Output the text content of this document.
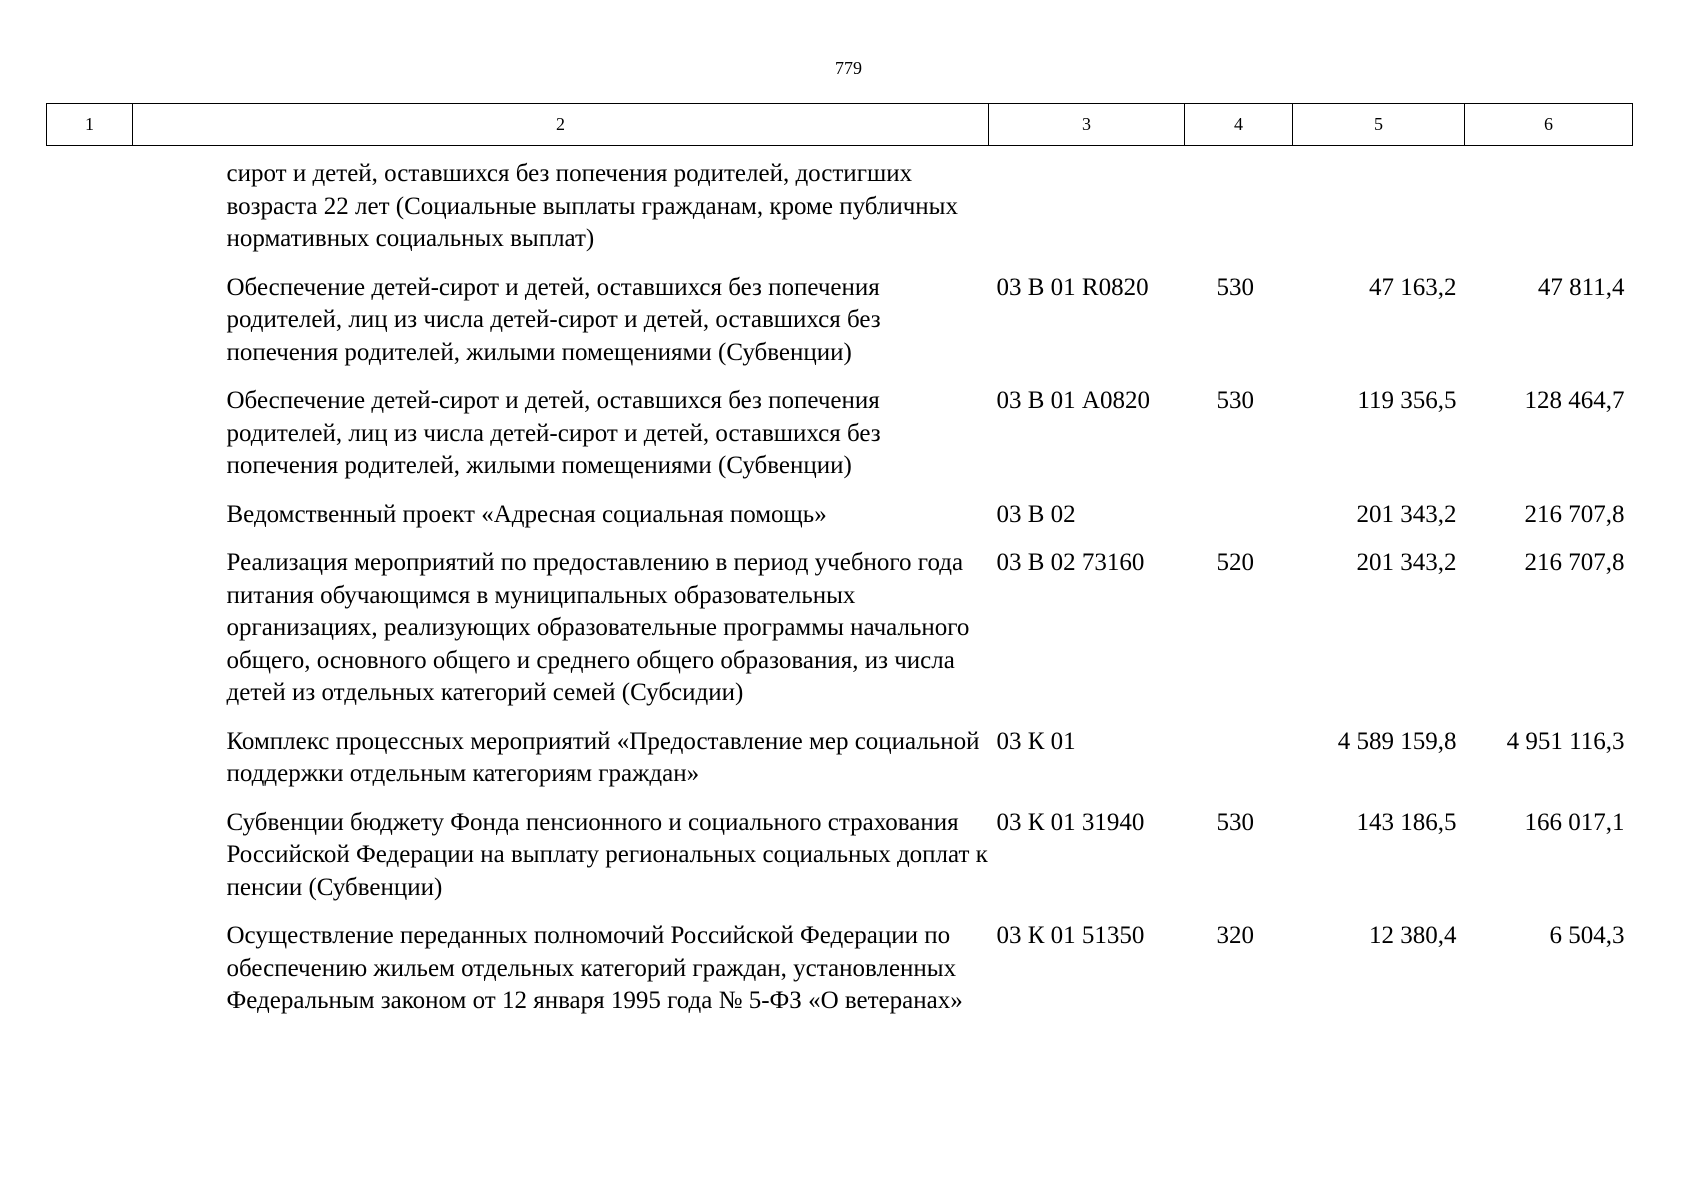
779
1	2	3	4	5	6
	сирот и детей, оставшихся без попечения родителей, достигших возраста 22 лет (Социальные выплаты гражданам, кроме публичных нормативных социальных выплат)				
	Обеспечение детей-сирот и детей, оставшихся без попечения родителей, лиц из числа детей-сирот и детей, оставшихся без попечения родителей, жилыми помещениями (Субвенции)	03 В 01 R0820	530	47 163,2	47 811,4
	Обеспечение детей-сирот и детей, оставшихся без попечения родителей, лиц из числа детей-сирот и детей, оставшихся без попечения родителей, жилыми помещениями (Субвенции)	03 В 01 А0820	530	119 356,5	128 464,7
	Ведомственный проект «Адресная социальная помощь»	03 В 02		201 343,2	216 707,8
	Реализация мероприятий по предоставлению в период учебного года питания обучающимся в муниципальных образовательных организациях, реализующих образовательные программы начального общего, основного общего и среднего общего образования, из числа детей из отдельных категорий семей (Субсидии)	03 В 02 73160	520	201 343,2	216 707,8
	Комплекс процессных мероприятий «Предоставление мер социальной поддержки отдельным категориям граждан»	03 К 01		4 589 159,8	4 951 116,3
	Субвенции бюджету Фонда пенсионного и социального страхования Российской Федерации на выплату региональных социальных доплат к пенсии (Субвенции)	03 К 01 31940	530	143 186,5	166 017,1
	Осуществление переданных полномочий Российской Федерации по обеспечению жильем отдельных категорий граждан, установленных Федеральным законом от 12 января 1995 года № 5-ФЗ «О ветеранах»	03 К 01 51350	320	12 380,4	6 504,3
